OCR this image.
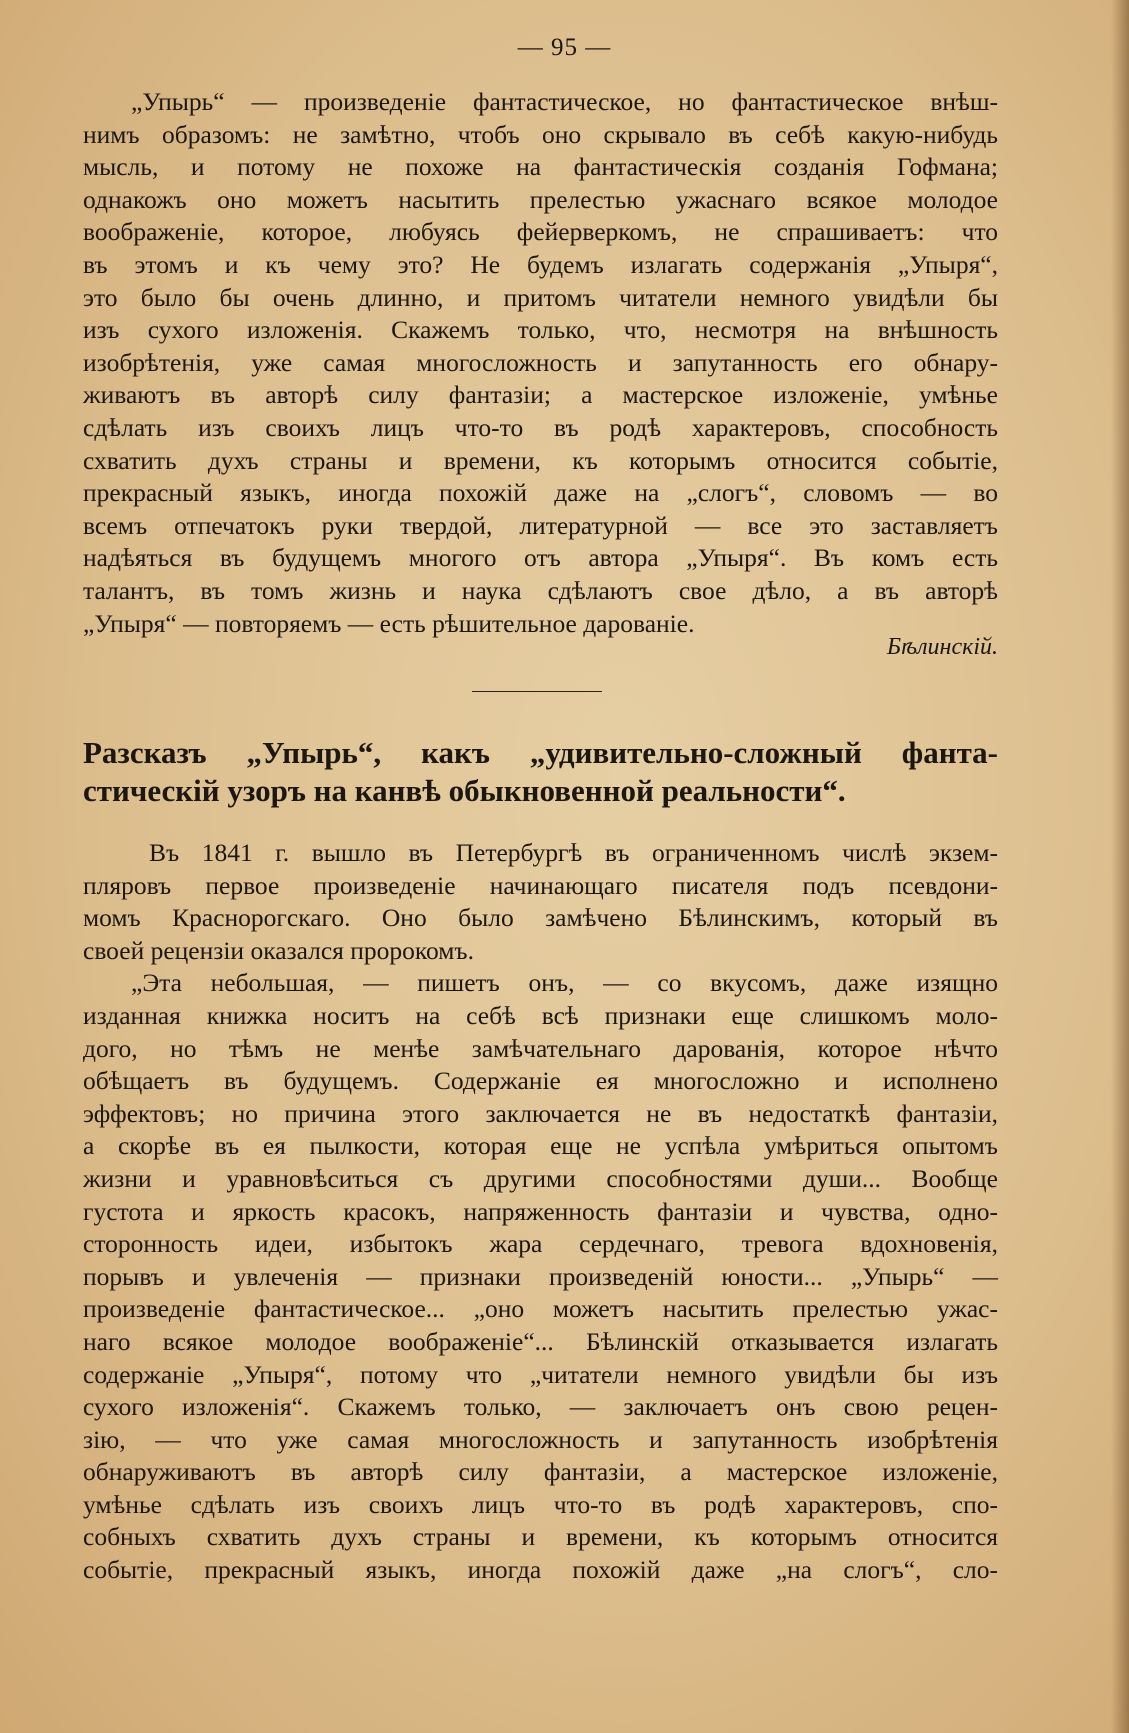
— 95 —
„Упырь“ — произведеніе фантастическое, но фантастическое внѣш-
нимъ образомъ: не замѣтно, чтобъ оно скрывало въ себѣ какую-нибудь
мысль, и потому не похоже на фантастическія созданія Гофмана;
однакожъ оно можетъ насытить прелестью ужаснаго всякое молодое
воображеніе, которое, любуясь фейерверкомъ, не спрашиваетъ: что
въ этомъ и къ чему это? Не будемъ излагать содержанія „Упыря“,
это было бы очень длинно, и притомъ читатели немного увидѣли бы
изъ сухого изложенія. Скажемъ только, что, несмотря на внѣшность
изобрѣтенія, уже самая многосложность и запутанность его обнару-
живаютъ въ авторѣ силу фантазіи; а мастерское изложеніе, умѣнье
сдѣлать изъ своихъ лицъ что-то въ родѣ характеровъ, способность
схватить духъ страны и времени, къ которымъ относится событіе,
прекрасный языкъ, иногда похожій даже на „слогъ“, словомъ — во
всемъ отпечатокъ руки твердой, литературной — все это заставляетъ
надѣяться въ будущемъ многого отъ автора „Упыря“. Въ комъ есть
талантъ, въ томъ жизнь и наука сдѣлаютъ свое дѣло, а въ авторѣ
„Упыря“ — повторяемъ — есть рѣшительное дарованіе.
Бѣлинскій.
Разсказъ „Упырь“, какъ „удивительно-сложный фанта-
стическій узоръ на канвѣ обыкновенной реальности“.
Въ 1841 г. вышло въ Петербургѣ въ ограниченномъ числѣ экзем-
пляровъ первое произведеніе начинающаго писателя подъ псевдони-
момъ Краснорогскаго. Оно было замѣчено Бѣлинскимъ, который въ
своей рецензіи оказался пророкомъ.
„Эта небольшая, — пишетъ онъ, — со вкусомъ, даже изящно
изданная книжка носитъ на себѣ всѣ признаки еще слишкомъ моло-
дого, но тѣмъ не менѣе замѣчательнаго дарованія, которое нѣчто
обѣщаетъ въ будущемъ. Содержаніе ея многосложно и исполнено
эффектовъ; но причина этого заключается не въ недостаткѣ фантазіи,
а скорѣе въ ея пылкости, которая еще не успѣла умѣриться опытомъ
жизни и уравновѣситься съ другими способностями души... Вообще
густота и яркость красокъ, напряженность фантазіи и чувства, одно-
сторонность идеи, избытокъ жара сердечнаго, тревога вдохновенія,
порывъ и увлеченія — признаки произведеній юности... „Упырь“ —
произведеніе фантастическое... „оно можетъ насытить прелестью ужас-
наго всякое молодое воображеніе“... Бѣлинскій отказывается излагать
содержаніе „Упыря“, потому что „читатели немного увидѣли бы изъ
сухого изложенія“. Скажемъ только, — заключаетъ онъ свою рецен-
зію, — что уже самая многосложность и запутанность изобрѣтенія
обнаруживаютъ въ авторѣ силу фантазіи, а мастерское изложеніе,
умѣнье сдѣлать изъ своихъ лицъ что-то въ родѣ характеровъ, спо-
собныхъ схватить духъ страны и времени, къ которымъ относится
событіе, прекрасный языкъ, иногда похожій даже „на слогъ“, сло-
